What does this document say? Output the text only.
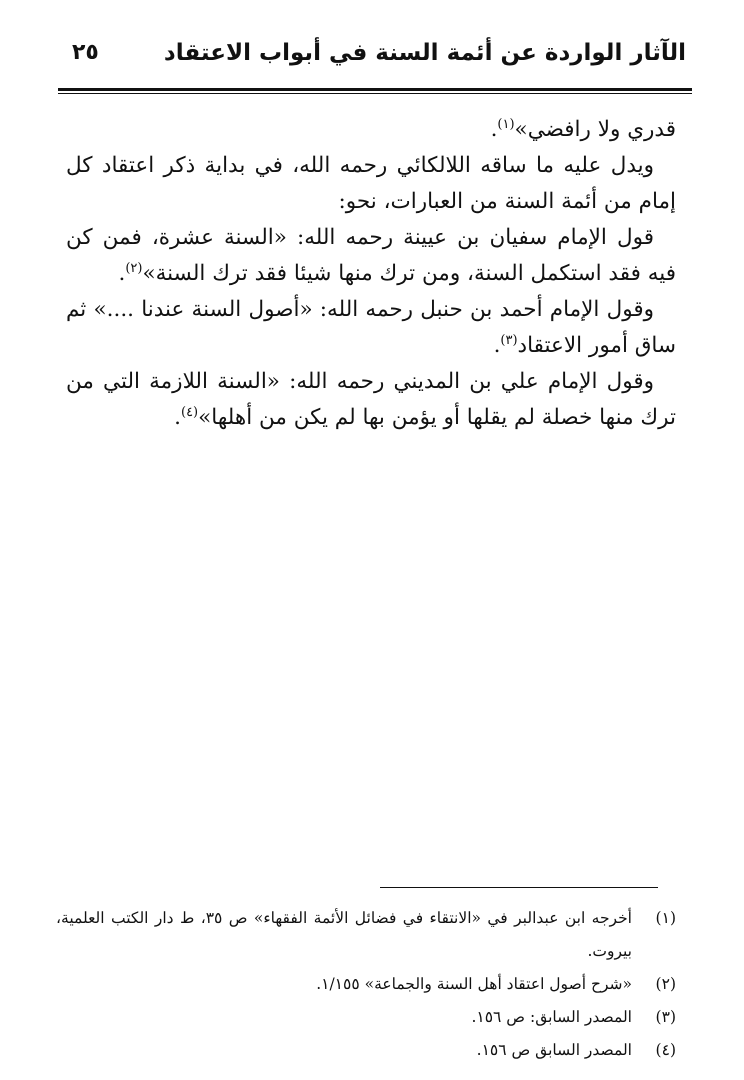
الآثار الواردة عن أئمة السنة في أبواب الاعتقاد
٢٥

قدري ولا رافضي»$^{(١)}$.

ويدل عليه ما ساقه اللالكائي رحمه الله، في بداية ذكر اعتقاد كل إمام من أئمة السنة من العبارات، نحو:

قول الإمام سفيان بن عيينة رحمه الله: «السنة عشرة، فمن كن فيه فقد استكمل السنة، ومن ترك منها شيئا فقد ترك السنة»$^{(٢)}$.

وقول الإمام أحمد بن حنبل رحمه الله: «أصول السنة عندنا ....» ثم ساق أمور الاعتقاد$^{(٣)}$.

وقول الإمام علي بن المديني رحمه الله: «السنة اللازمة التي من ترك منها خصلة لم يقلها أو يؤمن بها لم يكن من أهلها»$^{(٤)}$.

(١)
أخرجه ابن عبدالبر في «الانتقاء في فضائل الأئمة الفقهاء» ص ٣٥، ط دار الكتب العلمية، بيروت.
(٢)
«شرح أصول اعتقاد أهل السنة والجماعة» ١/١٥٥.
(٣)
المصدر السابق: ص ١٥٦.
(٤)
المصدر السابق ص ١٥٦.
